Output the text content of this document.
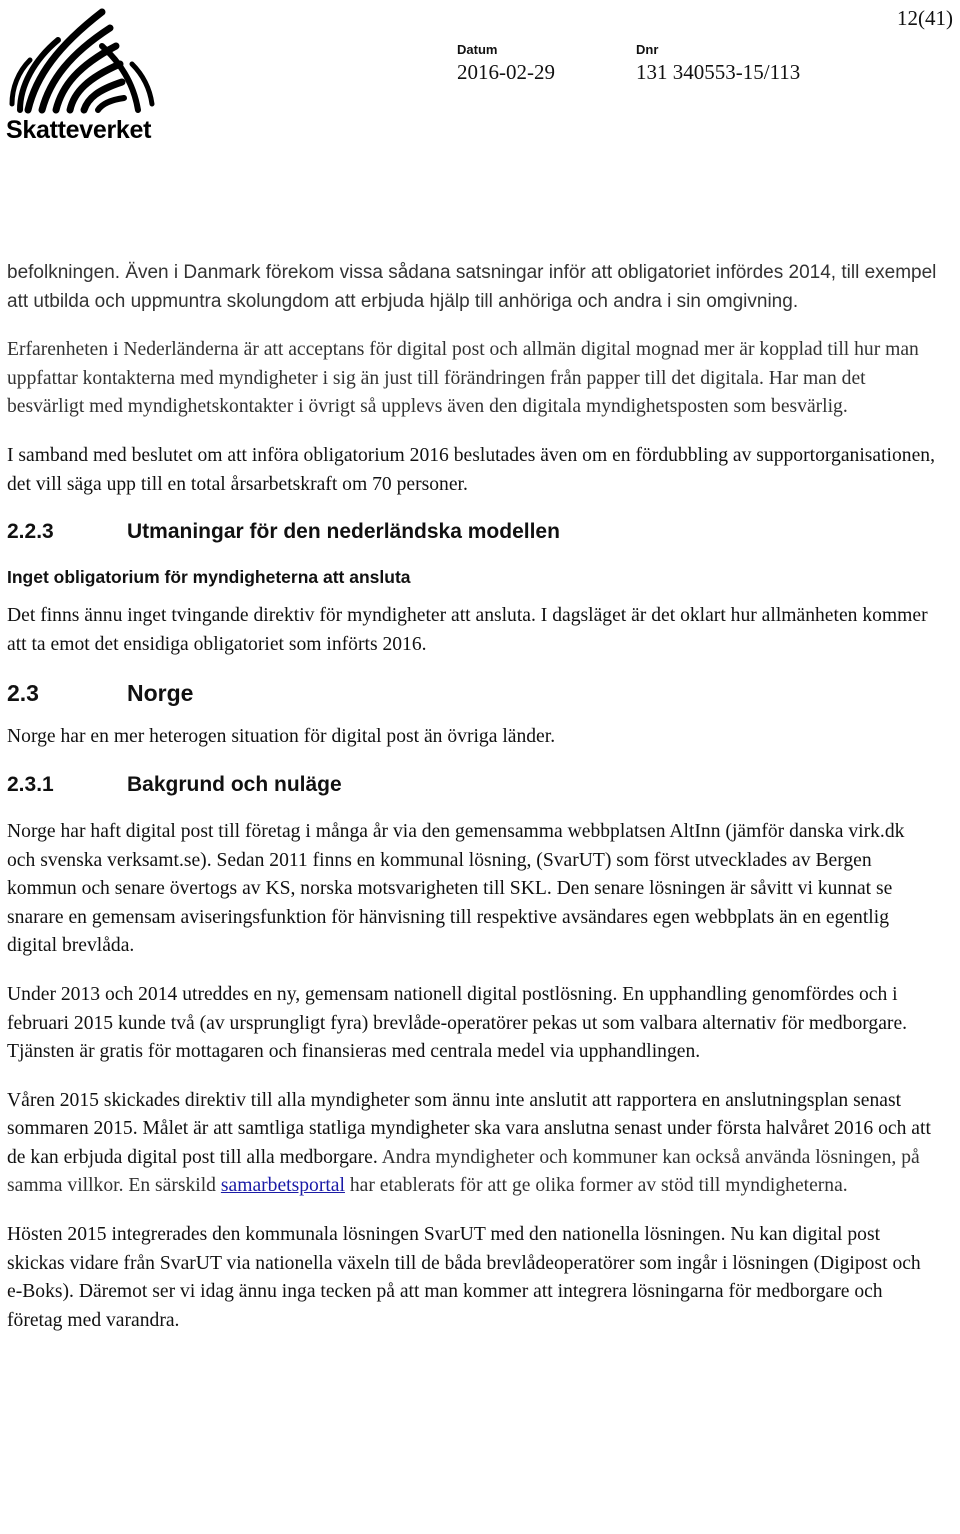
Skatteverket
12(41)
Datum
2016-02-29
Dnr
131 340553-15/113

befolkningen. Även i Danmark förekom vissa sådana satsningar inför att obligatoriet infördes 2014, till exempel att utbilda och uppmuntra skolungdom att erbjuda hjälp till anhöriga och andra i sin omgivning.

Erfarenheten i Nederländerna är att acceptans för digital post och allmän digital mognad mer är kopplad till hur man uppfattar kontakterna med myndigheter i sig än just till förändringen från papper till det digitala. Har man det besvärligt med myndighetskontakter i övrigt så upplevs även den digitala myndighetsposten som besvärlig.

I samband med beslutet om att införa obligatorium 2016 beslutades även om en fördubbling av supportorganisationen, det vill säga upp till en total årsarbetskraft om 70 personer.

2.2.3	Utmaningar för den nederländska modellen
Inget obligatorium för myndigheterna att ansluta

Det finns ännu inget tvingande direktiv för myndigheter att ansluta. I dagsläget är det oklart hur allmänheten kommer att ta emot det ensidiga obligatoriet som införts 2016.

2.3	Norge

Norge har en mer heterogen situation för digital post än övriga länder.

2.3.1	Bakgrund och nuläge

Norge har haft digital post till företag i många år via den gemensamma webbplatsen AltInn (jämför danska virk.dk och svenska verksamt.se). Sedan 2011 finns en kommunal lösning, (SvarUT) som först utvecklades av Bergen kommun och senare övertogs av KS, norska motsvarigheten till SKL. Den senare lösningen är såvitt vi kunnat se snarare en gemensam aviseringsfunktion för hänvisning till respektive avsändares egen webbplats än en egentlig digital brevlåda.

Under 2013 och 2014 utreddes en ny, gemensam nationell digital postlösning. En upphandling genomfördes och i februari 2015 kunde två (av ursprungligt fyra) brevlåde-operatörer pekas ut som valbara alternativ för medborgare. Tjänsten är gratis för mottagaren och finansieras med centrala medel via upphandlingen.

Våren 2015 skickades direktiv till alla myndigheter som ännu inte anslutit att rapportera en anslutningsplan senast sommaren 2015. Målet är att samtliga statliga myndigheter ska vara anslutna senast under första halvåret 2016 och att de kan erbjuda digital post till alla medborgare. Andra myndigheter och kommuner kan också använda lösningen, på samma villkor. En särskild samarbetsportal har etablerats för att ge olika former av stöd till myndigheterna.

Hösten 2015 integrerades den kommunala lösningen SvarUT med den nationella lösningen. Nu kan digital post skickas vidare från SvarUT via nationella växeln till de båda brevlådeoperatörer som ingår i lösningen (Digipost och e-Boks). Däremot ser vi idag ännu inga tecken på att man kommer att integrera lösningarna för medborgare och företag med varandra.
